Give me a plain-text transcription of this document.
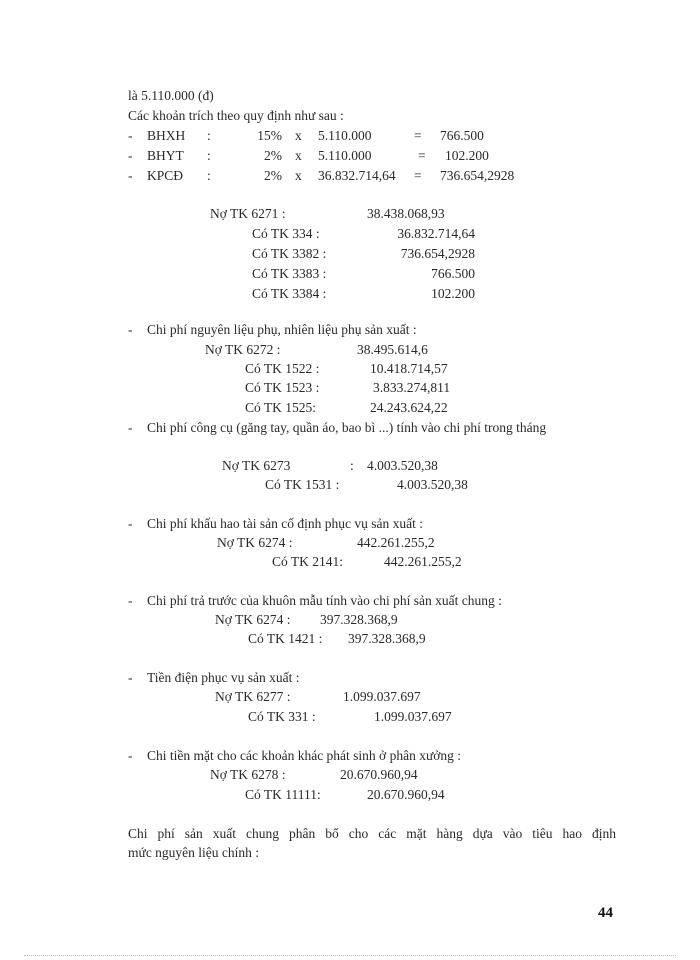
là 5.110.000 (đ)
Các khoản trích theo quy định như sau :
- BHXH :	15% x 5.110.000	= 766.500
- BHYT :	2% x 5.110.000	= 102.200
- KPCĐ :	2% x 36.832.714,64 = 736.654,2928
Nợ TK 6271 :	38.438.068,93
Có TK 334 :	36.832.714,64
Có TK 3382 :	736.654,2928
Có TK 3383 :	766.500
Có TK 3384 :	102.200
- Chi phí nguyên liệu phụ, nhiên liệu phụ sản xuất :
Nợ TK 6272 :	38.495.614,6
Có TK 1522 :	10.418.714,57
Có TK 1523 :	3.833.274,811
Có TK 1525:	24.243.624,22
- Chi phí công cụ (găng tay, quần áo, bao bì ...) tính vào chi phí trong tháng
Nợ TK 6273	: 4.003.520,38
Có TK 1531 :	4.003.520,38
- Chi phí khấu hao tài sản cố định phục vụ sản xuất :
Nợ TK 6274 :	442.261.255,2
Có TK 2141:	442.261.255,2
- Chi phí trả trước của khuôn mẫu tính vào chi phí sản xuất chung :
Nợ TK 6274 : 397.328.368,9
Có TK 1421 : 397.328.368,9
- Tiền điện phục vụ sản xuất :
Nợ TK 6277 :	1.099.037.697
Có TK 331 :	1.099.037.697
- Chi tiền mặt cho các khoản khác phát sinh ở phân xưởng :
Nợ TK 6278 :	20.670.960,94
Có TK 11111:	20.670.960,94
Chi phí sản xuất chung phân bổ cho các mặt hàng dựa vào tiêu hao định
mức nguyên liệu chính :
44
